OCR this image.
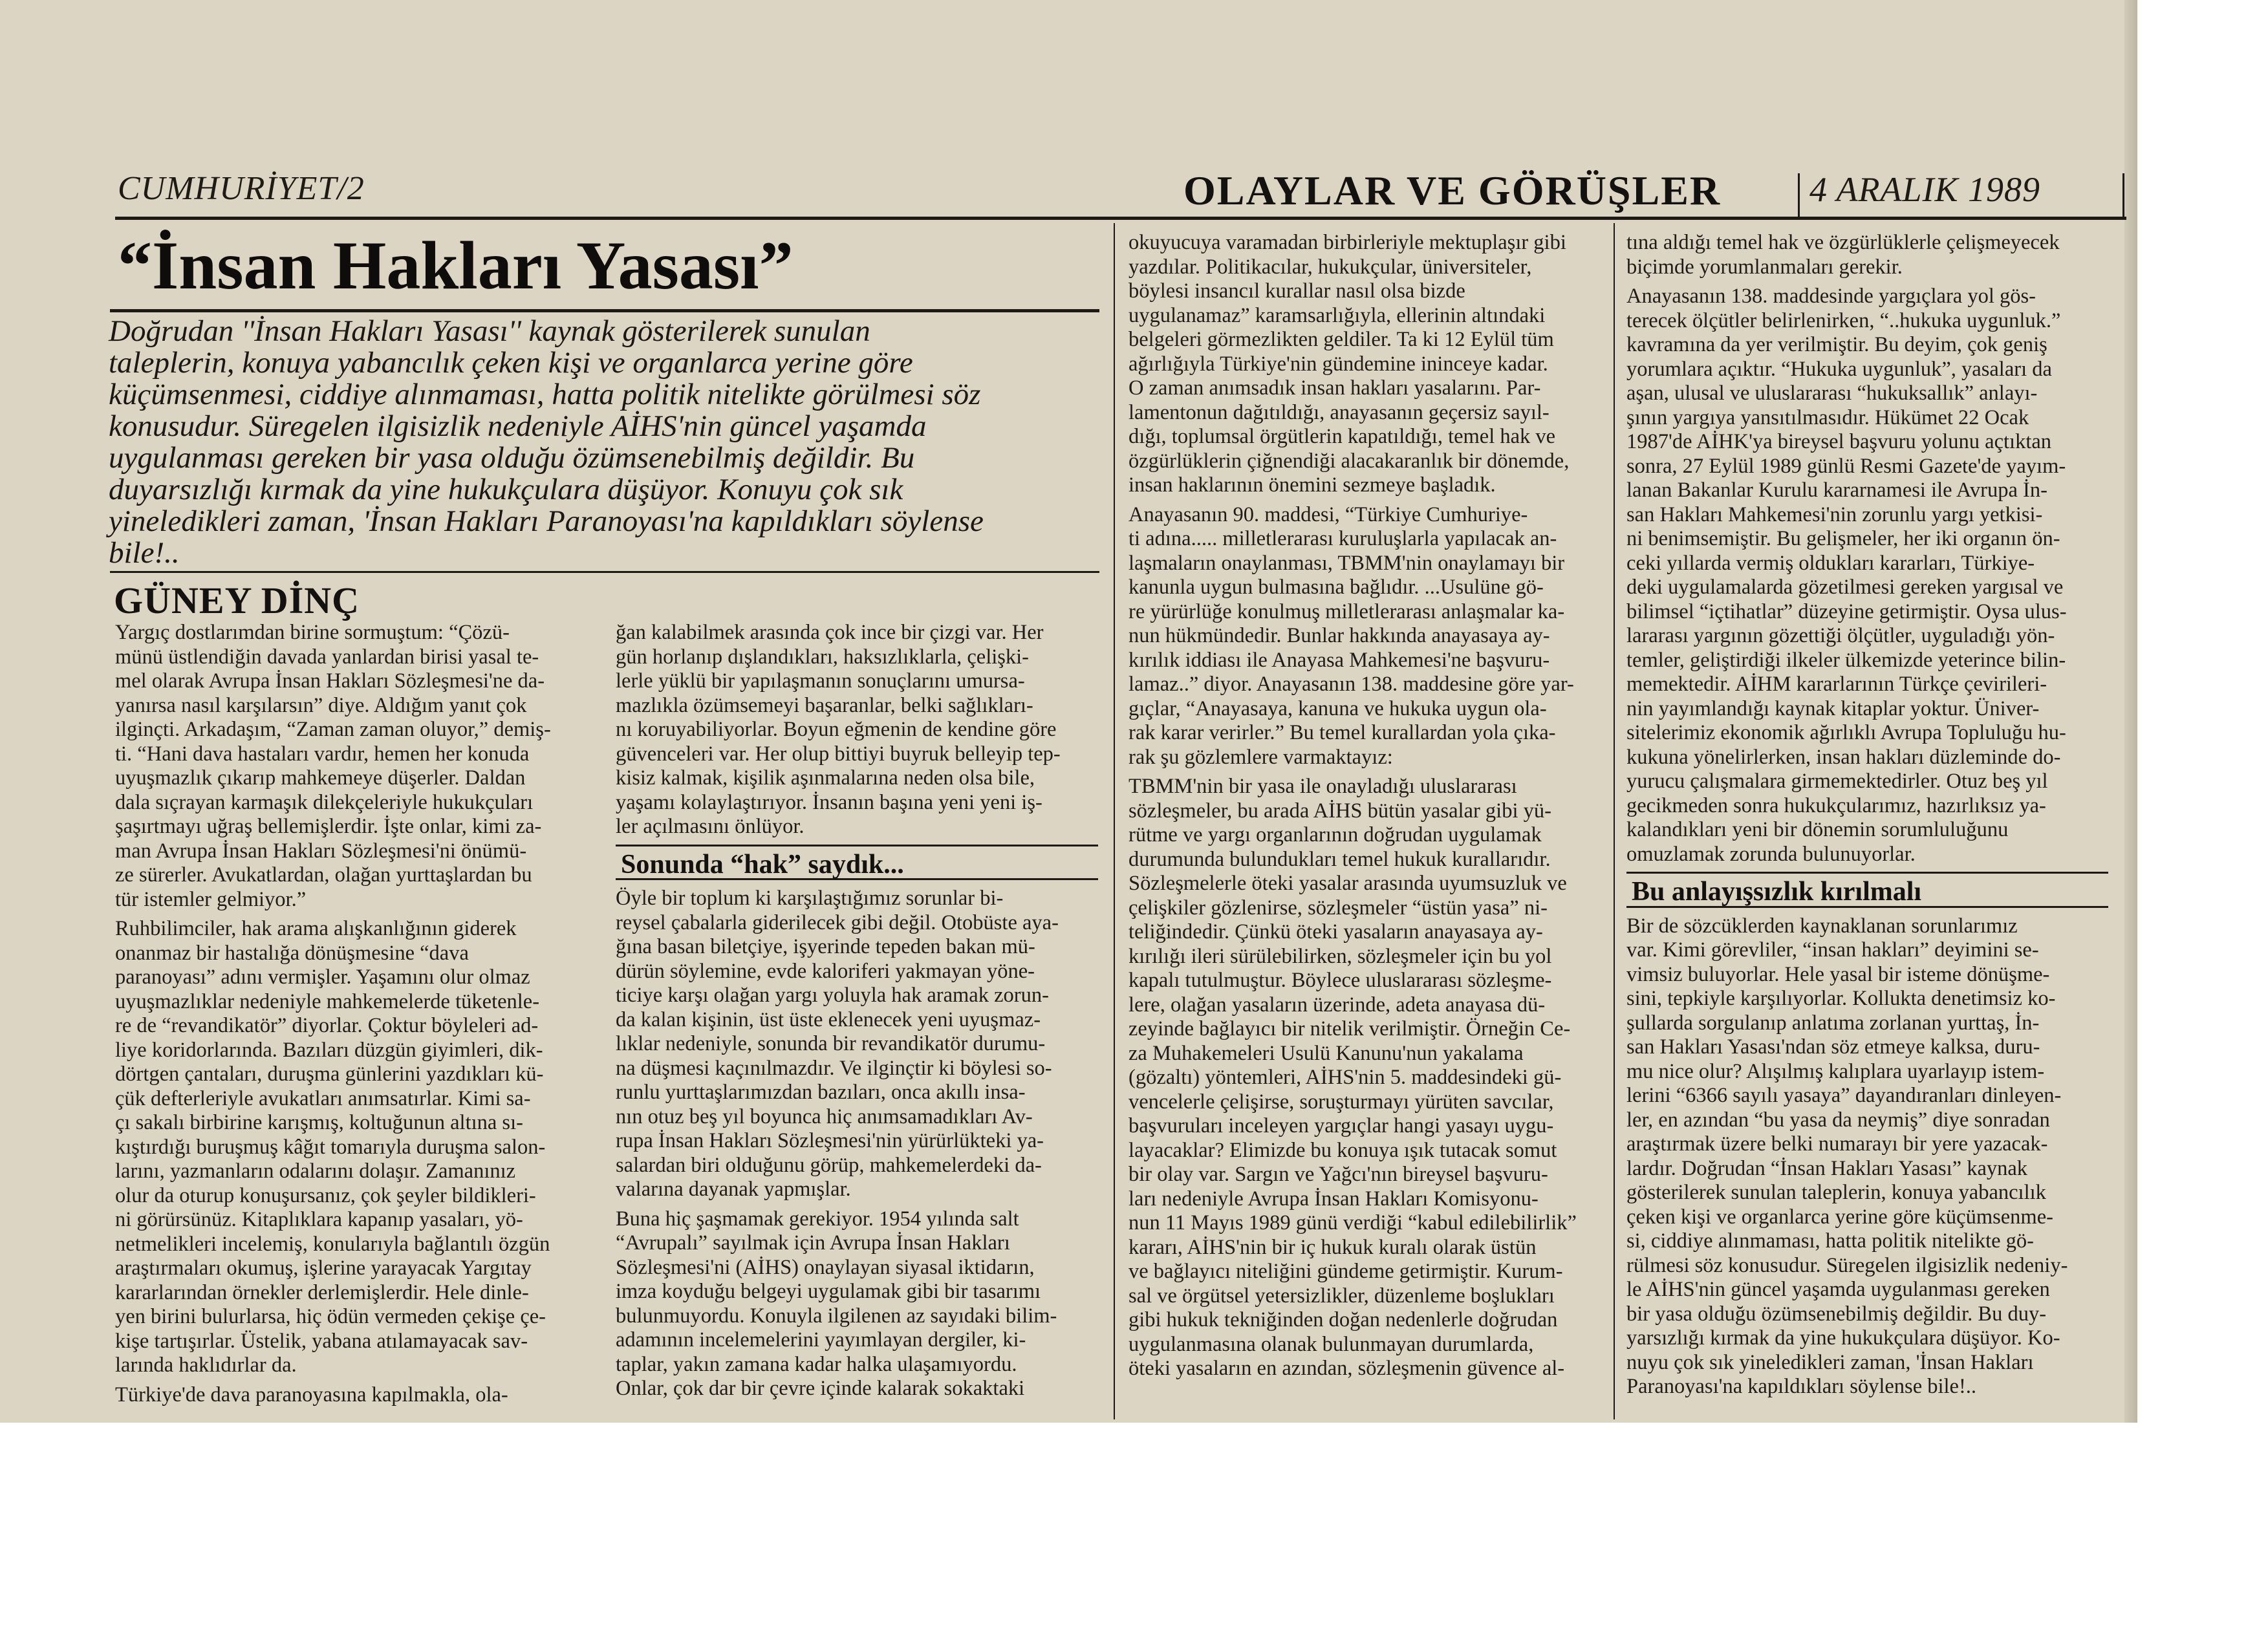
CUMHURİYET/2	OLAYLAR VE GÖRÜŞLER	4 ARALIK 1989
“İnsan Hakları Yasası”
Doğrudan ''İnsan Hakları Yasası'' kaynak gösterilerek sunulan
taleplerin, konuya yabancılık çeken kişi ve organlarca yerine göre
küçümsenmesi, ciddiye alınmaması, hatta politik nitelikte görülmesi söz
konusudur. Süregelen ilgisizlik nedeniyle AİHS'nin güncel yaşamda
uygulanması gereken bir yasa olduğu özümsenebilmiş değildir. Bu
duyarsızlığı kırmak da yine hukukçulara düşüyor. Konuyu çok sık
yineledikleri zaman, 'İnsan Hakları Paranoyası'na kapıldıkları söylense
bile!..
GÜNEY DİNÇ

Yargıç dostlarımdan birine sormuştum: “Çözü-
münü üstlendiğin davada yanlardan birisi yasal te-
mel olarak Avrupa İnsan Hakları Sözleşmesi'ne da-
yanırsa nasıl karşılarsın” diye. Aldığım yanıt çok
ilginçti. Arkadaşım, “Zaman zaman oluyor,” demiş-
ti. “Hani dava hastaları vardır, hemen her konuda
uyuşmazlık çıkarıp mahkemeye düşerler. Daldan
dala sıçrayan karmaşık dilekçeleriyle hukukçuları
şaşırtmayı uğraş bellemişlerdir. İşte onlar, kimi za-
man Avrupa İnsan Hakları Sözleşmesi'ni önümü-
ze sürerler. Avukatlardan, olağan yurttaşlardan bu
tür istemler gelmiyor.”

Ruhbilimciler, hak arama alışkanlığının giderek
onanmaz bir hastalığa dönüşmesine “dava
paranoyası” adını vermişler. Yaşamını olur olmaz
uyuşmazlıklar nedeniyle mahkemelerde tüketenle-
re de “revandikatör” diyorlar. Çoktur böyleleri ad-
liye koridorlarında. Bazıları düzgün giyimleri, dik-
dörtgen çantaları, duruşma günlerini yazdıkları kü-
çük defterleriyle avukatları anımsatırlar. Kimi sa-
çı sakalı birbirine karışmış, koltuğunun altına sı-
kıştırdığı buruşmuş kâğıt tomarıyla duruşma salon-
larını, yazmanların odalarını dolaşır. Zamanınız
olur da oturup konuşursanız, çok şeyler bildikleri-
ni görürsünüz. Kitaplıklara kapanıp yasaları, yö-
netmelikleri incelemiş, konularıyla bağlantılı özgün
araştırmaları okumuş, işlerine yarayacak Yargıtay
kararlarından örnekler derlemişlerdir. Hele dinle-
yen birini bulurlarsa, hiç ödün vermeden çekişe çe-
kişe tartışırlar. Üstelik, yabana atılamayacak sav-
larında haklıdırlar da.

Türkiye'de dava paranoyasına kapılmakla, ola-

ğan kalabilmek arasında çok ince bir çizgi var. Her
gün horlanıp dışlandıkları, haksızlıklarla, çelişki-
lerle yüklü bir yapılaşmanın sonuçlarını umursa-
mazlıkla özümsemeyi başaranlar, belki sağlıkları-
nı koruyabiliyorlar. Boyun eğmenin de kendine göre
güvenceleri var. Her olup bittiyi buyruk belleyip tep-
kisiz kalmak, kişilik aşınmalarına neden olsa bile,
yaşamı kolaylaştırıyor. İnsanın başına yeni yeni iş-
ler açılmasını önlüyor.

Sonunda “hak” saydık...

Öyle bir toplum ki karşılaştığımız sorunlar bi-
reysel çabalarla giderilecek gibi değil. Otobüste aya-
ğına basan biletçiye, işyerinde tepeden bakan mü-
dürün söylemine, evde kaloriferi yakmayan yöne-
ticiye karşı olağan yargı yoluyla hak aramak zorun-
da kalan kişinin, üst üste eklenecek yeni uyuşmaz-
lıklar nedeniyle, sonunda bir revandikatör durumu-
na düşmesi kaçınılmazdır. Ve ilginçtir ki böylesi so-
runlu yurttaşlarımızdan bazıları, onca akıllı insa-
nın otuz beş yıl boyunca hiç anımsamadıkları Av-
rupa İnsan Hakları Sözleşmesi'nin yürürlükteki ya-
salardan biri olduğunu görüp, mahkemelerdeki da-
valarına dayanak yapmışlar.

Buna hiç şaşmamak gerekiyor. 1954 yılında salt
“Avrupalı” sayılmak için Avrupa İnsan Hakları
Sözleşmesi'ni (AİHS) onaylayan siyasal iktidarın,
imza koyduğu belgeyi uygulamak gibi bir tasarımı
bulunmuyordu. Konuyla ilgilenen az sayıdaki bilim-
adamının incelemelerini yayımlayan dergiler, ki-
taplar, yakın zamana kadar halka ulaşamıyordu.
Onlar, çok dar bir çevre içinde kalarak sokaktaki

okuyucuya varamadan birbirleriyle mektuplaşır gibi
yazdılar. Politikacılar, hukukçular, üniversiteler,
böylesi insancıl kurallar nasıl olsa bizde
uygulanamaz” karamsarlığıyla, ellerinin altındaki
belgeleri görmezlikten geldiler. Ta ki 12 Eylül tüm
ağırlığıyla Türkiye'nin gündemine ininceye kadar.
O zaman anımsadık insan hakları yasalarını. Par-
lamentonun dağıtıldığı, anayasanın geçersiz sayıl-
dığı, toplumsal örgütlerin kapatıldığı, temel hak ve
özgürlüklerin çiğnendiği alacakaranlık bir dönemde,
insan haklarının önemini sezmeye başladık.

Anayasanın 90. maddesi, “Türkiye Cumhuriye-
ti adına..... milletlerarası kuruluşlarla yapılacak an-
laşmaların onaylanması, TBMM'nin onaylamayı bir
kanunla uygun bulmasına bağlıdır. ...Usulüne gö-
re yürürlüğe konulmuş milletlerarası anlaşmalar ka-
nun hükmündedir. Bunlar hakkında anayasaya ay-
kırılık iddiası ile Anayasa Mahkemesi'ne başvuru-
lamaz..” diyor. Anayasanın 138. maddesine göre yar-
gıçlar, “Anayasaya, kanuna ve hukuka uygun ola-
rak karar verirler.” Bu temel kurallardan yola çıka-
rak şu gözlemlere varmaktayız:

TBMM'nin bir yasa ile onayladığı uluslararası
sözleşmeler, bu arada AİHS bütün yasalar gibi yü-
rütme ve yargı organlarının doğrudan uygulamak
durumunda bulundukları temel hukuk kurallarıdır.
Sözleşmelerle öteki yasalar arasında uyumsuzluk ve
çelişkiler gözlenirse, sözleşmeler “üstün yasa” ni-
teliğindedir. Çünkü öteki yasaların anayasaya ay-
kırılığı ileri sürülebilirken, sözleşmeler için bu yol
kapalı tutulmuştur. Böylece uluslararası sözleşme-
lere, olağan yasaların üzerinde, adeta anayasa dü-
zeyinde bağlayıcı bir nitelik verilmiştir. Örneğin Ce-
za Muhakemeleri Usulü Kanunu'nun yakalama
(gözaltı) yöntemleri, AİHS'nin 5. maddesindeki gü-
vencelerle çelişirse, soruşturmayı yürüten savcılar,
başvuruları inceleyen yargıçlar hangi yasayı uygu-
layacaklar? Elimizde bu konuya ışık tutacak somut
bir olay var. Sargın ve Yağcı'nın bireysel başvuru-
ları nedeniyle Avrupa İnsan Hakları Komisyonu-
nun 11 Mayıs 1989 günü verdiği “kabul edilebilirlik”
kararı, AİHS'nin bir iç hukuk kuralı olarak üstün
ve bağlayıcı niteliğini gündeme getirmiştir. Kurum-
sal ve örgütsel yetersizlikler, düzenleme boşlukları
gibi hukuk tekniğinden doğan nedenlerle doğrudan
uygulanmasına olanak bulunmayan durumlarda,
öteki yasaların en azından, sözleşmenin güvence al-

tına aldığı temel hak ve özgürlüklerle çelişmeyecek
biçimde yorumlanmaları gerekir.

Anayasanın 138. maddesinde yargıçlara yol gös-
terecek ölçütler belirlenirken, “..hukuka uygunluk.”
kavramına da yer verilmiştir. Bu deyim, çok geniş
yorumlara açıktır. “Hukuka uygunluk”, yasaları da
aşan, ulusal ve uluslararası “hukuksallık” anlayı-
şının yargıya yansıtılmasıdır. Hükümet 22 Ocak
1987'de AİHK'ya bireysel başvuru yolunu açtıktan
sonra, 27 Eylül 1989 günlü Resmi Gazete'de yayım-
lanan Bakanlar Kurulu kararnamesi ile Avrupa İn-
san Hakları Mahkemesi'nin zorunlu yargı yetkisi-
ni benimsemiştir. Bu gelişmeler, her iki organın ön-
ceki yıllarda vermiş oldukları kararları, Türkiye-
deki uygulamalarda gözetilmesi gereken yargısal ve
bilimsel “içtihatlar” düzeyine getirmiştir. Oysa ulus-
lararası yargının gözettiği ölçütler, uyguladığı yön-
temler, geliştirdiği ilkeler ülkemizde yeterince bilin-
memektedir. AİHM kararlarının Türkçe çevirileri-
nin yayımlandığı kaynak kitaplar yoktur. Üniver-
sitelerimiz ekonomik ağırlıklı Avrupa Topluluğu hu-
kukuna yönelirlerken, insan hakları düzleminde do-
yurucu çalışmalara girmemektedirler. Otuz beş yıl
gecikmeden sonra hukukçularımız, hazırlıksız ya-
kalandıkları yeni bir dönemin sorumluluğunu
omuzlamak zorunda bulunuyorlar.

Bu anlayışsızlık kırılmalı

Bir de sözcüklerden kaynaklanan sorunlarımız
var. Kimi görevliler, “insan hakları” deyimini se-
vimsiz buluyorlar. Hele yasal bir isteme dönüşme-
sini, tepkiyle karşılıyorlar. Kollukta denetimsiz ko-
şullarda sorgulanıp anlatıma zorlanan yurttaş, İn-
san Hakları Yasası'ndan söz etmeye kalksa, duru-
mu nice olur? Alışılmış kalıplara uyarlayıp istem-
lerini “6366 sayılı yasaya” dayandıranları dinleyen-
ler, en azından “bu yasa da neymiş” diye sonradan
araştırmak üzere belki numarayı bir yere yazacak-
lardır. Doğrudan “İnsan Hakları Yasası” kaynak
gösterilerek sunulan taleplerin, konuya yabancılık
çeken kişi ve organlarca yerine göre küçümsenme-
si, ciddiye alınmaması, hatta politik nitelikte gö-
rülmesi söz konusudur. Süregelen ilgisizlik nedeniy-
le AİHS'nin güncel yaşamda uygulanması gereken
bir yasa olduğu özümsenebilmiş değildir. Bu duy-
yarsızlığı kırmak da yine hukukçulara düşüyor. Ko-
nuyu çok sık yineledikleri zaman, 'İnsan Hakları
Paranoyası'na kapıldıkları söylense bile!..
